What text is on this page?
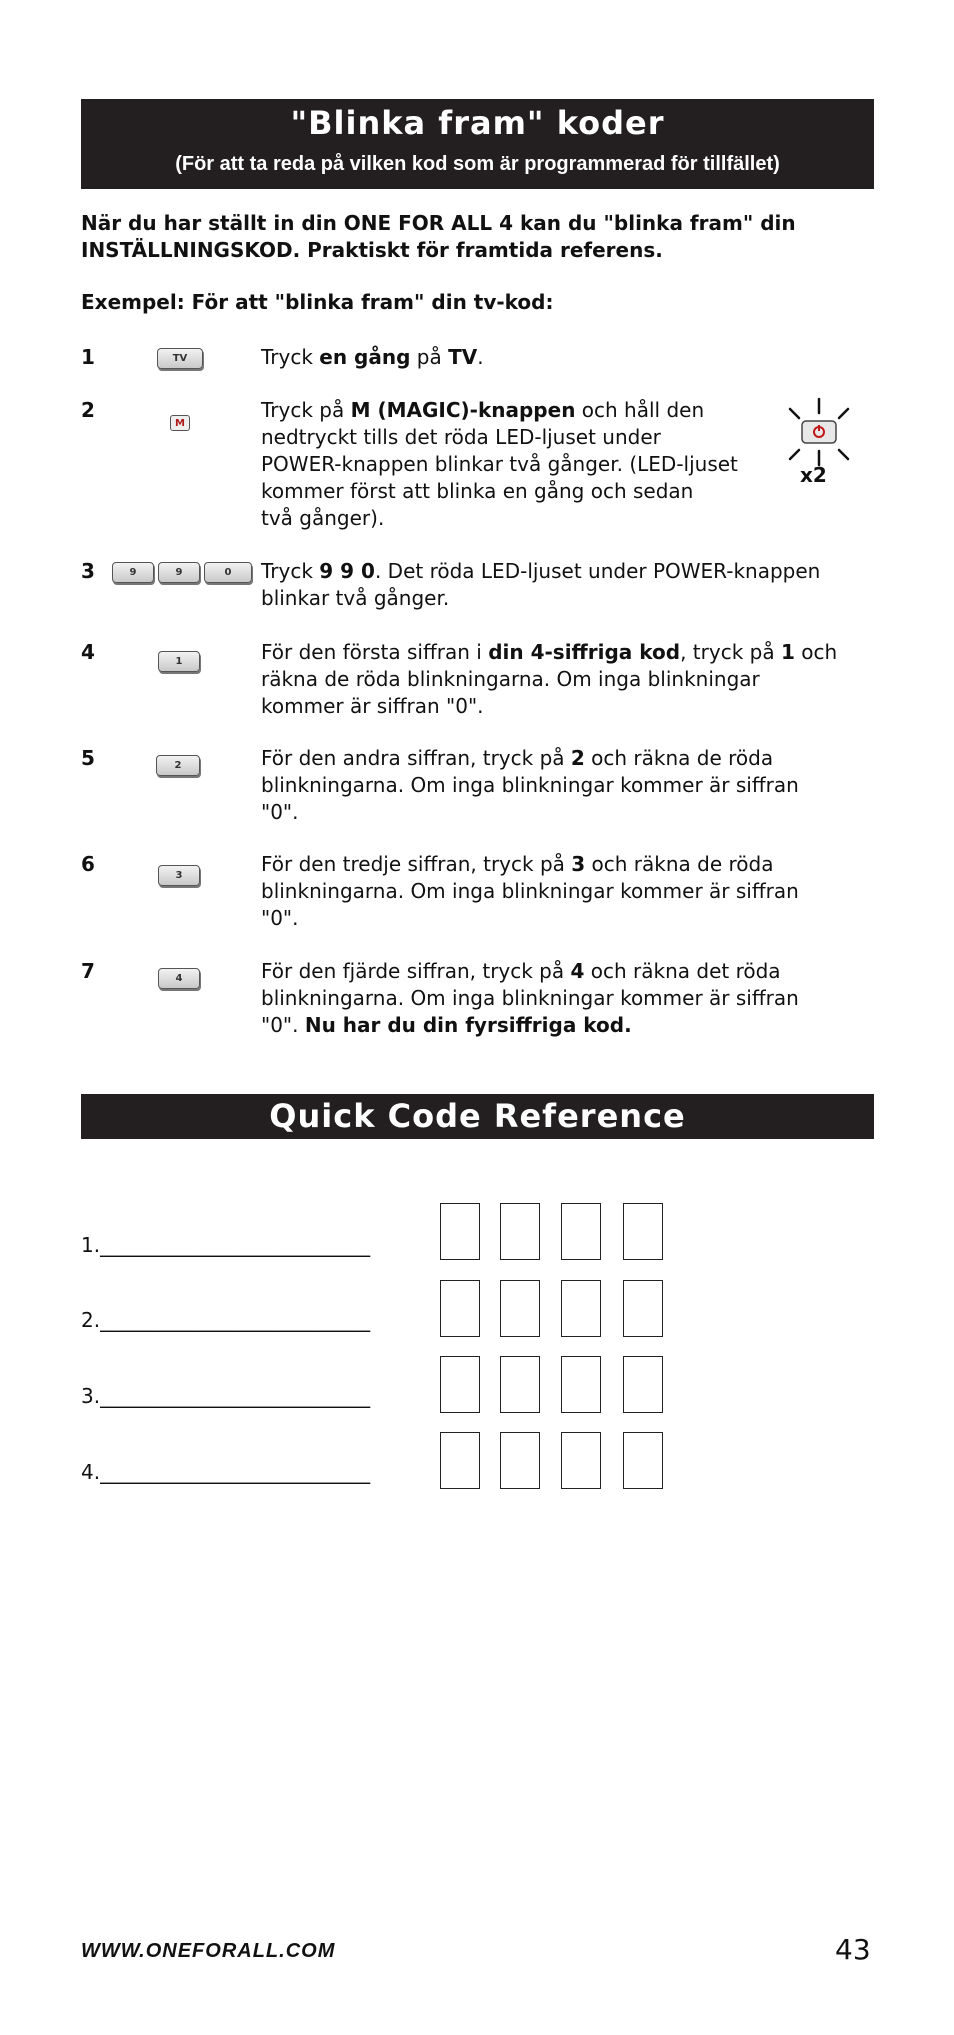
"Blinka fram" koder
(För att ta reda på vilken kod som är programmerad för tillfället)

När du har ställt in din ONE FOR ALL 4 kan du "blinka fram" din

INSTÄLLNINGSKOD. Praktiskt för framtida referens.

Exempel: För att "blinka fram" din tv-kod:
1	TV	Tryck en gång på TV.
2
M
Tryck på M (MAGIC)-knappen och håll den
nedtryckt tills det röda LED-ljuset under
POWER-knappen blinkar två gånger. (LED-ljuset
kommer först att blinka en gång och sedan
två gånger).
x2
3	9	9	0	Tryck 9 9 0. Det röda LED-ljuset under POWER-knappen
blinkar två gånger.
4	1	För den första siffran i din 4-siffriga kod, tryck på 1 och
räkna de röda blinkningarna. Om inga blinkningar
kommer är siffran "0".
5	2	För den andra siffran, tryck på 2 och räkna de röda
blinkningarna. Om inga blinkningar kommer är siffran
"0".
6	3	För den tredje siffran, tryck på 3 och räkna de röda
blinkningarna. Om inga blinkningar kommer är siffran
"0".
7	4	För den fjärde siffran, tryck på 4 och räkna det röda
blinkningarna. Om inga blinkningar kommer är siffran
"0". Nu har du din fyrsiffriga kod.
Quick Code Reference
1.___________________________
2.___________________________
3.___________________________
4.___________________________
WWW.ONEFORALL.COM	43
